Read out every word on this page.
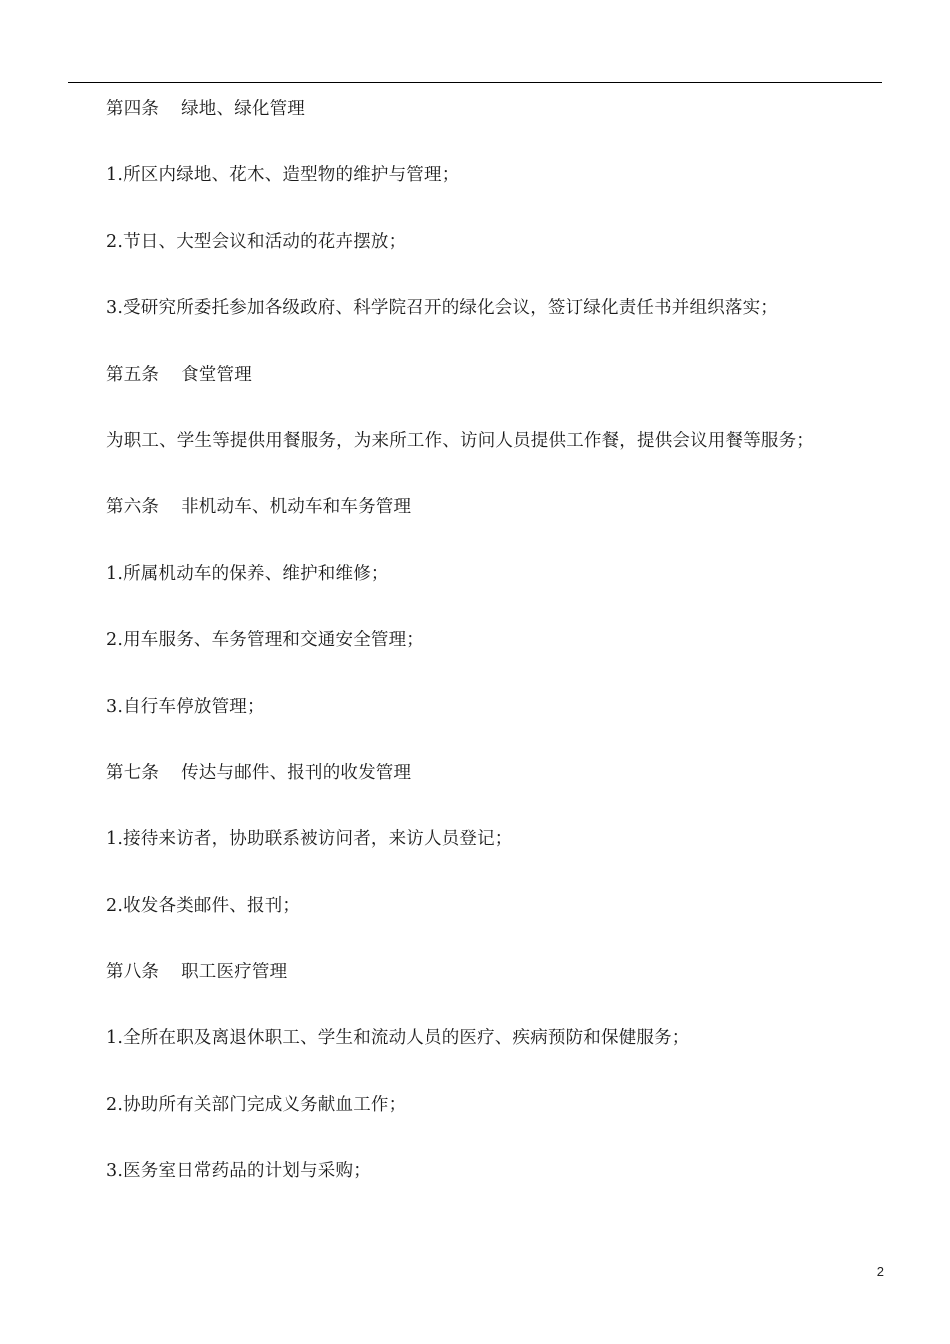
第四条 绿地、绿化管理
1.所区内绿地、花木、造型物的维护与管理；
2.节日、大型会议和活动的花卉摆放；
3.受研究所委托参加各级政府、科学院召开的绿化会议，签订绿化责任书并组织落实；
第五条 食堂管理
为职工、学生等提供用餐服务，为来所工作、访问人员提供工作餐，提供会议用餐等服务；
第六条 非机动车、机动车和车务管理
1.所属机动车的保养、维护和维修；
2.用车服务、车务管理和交通安全管理；
3.自行车停放管理；
第七条 传达与邮件、报刊的收发管理
1.接待来访者，协助联系被访问者，来访人员登记；
2.收发各类邮件、报刊；
第八条 职工医疗管理
1.全所在职及离退休职工、学生和流动人员的医疗、疾病预防和保健服务；
2.协助所有关部门完成义务献血工作；
3.医务室日常药品的计划与采购；
2
